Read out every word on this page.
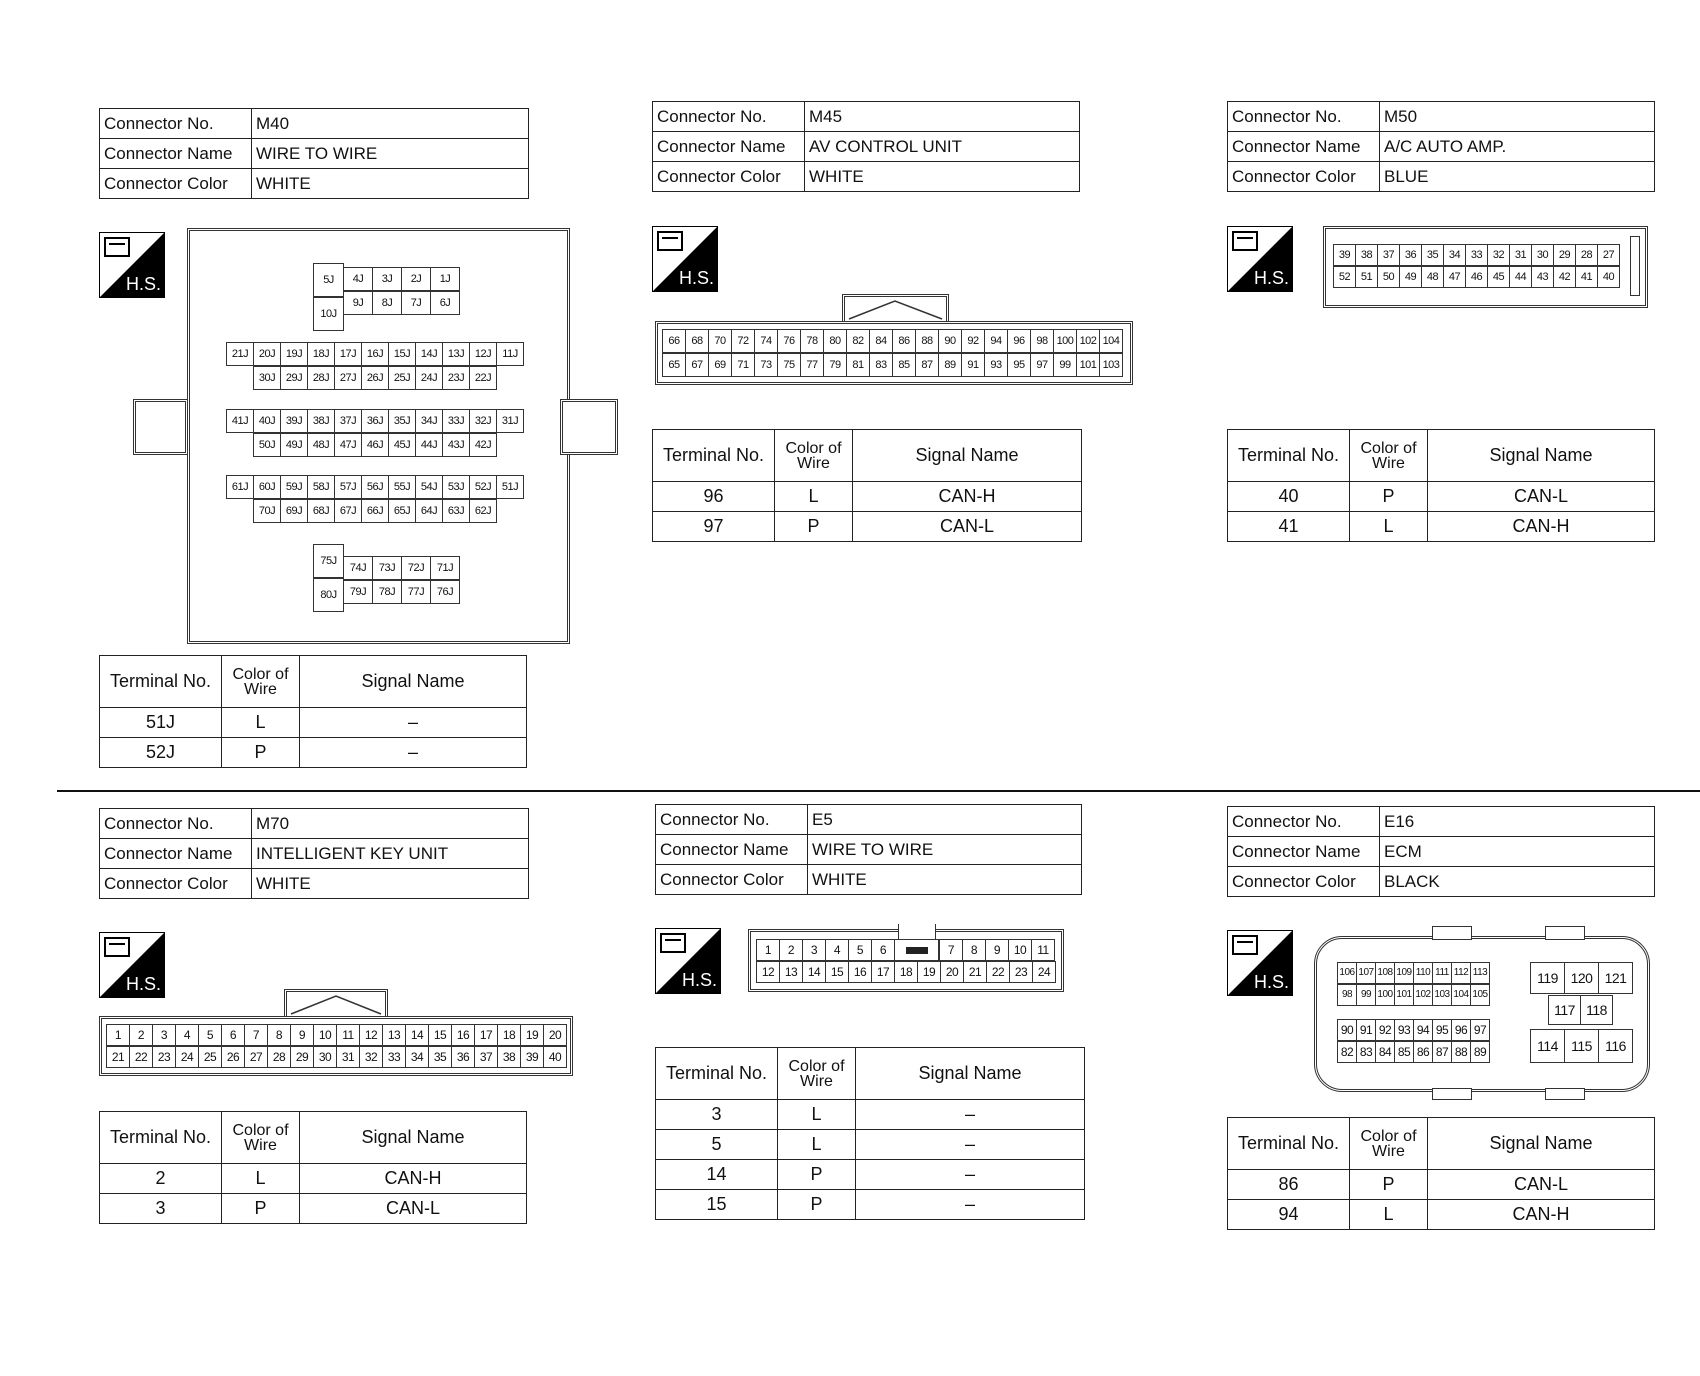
Connector No.	M40
Connector Name	WIRE TO WIRE
Connector Color	WHITE
H.S.	5J
10J
4J	3J	2J	1J
9J	8J	7J	6J
21J 20J 19J 18J 17J 16J 15J 14J 13J 12J	11J
30J 29J 28J 27J 26J 25J 24J 23J 22J
41J 40J 39J 38J 37J 36J 35J 34J 33J 32J 31J
50J 49J 48J 47J 46J 45J 44J 43J 42J
61J 60J 59J 58J 57J 56J 55J 54J 53J 52J 51J
70J 69J 68J 67J 66J 65J 64J 63J 62J
75J
80J
74J	73J	72J	71J
79J	78J	77J	76J
Terminal No.	Color of
Wire	Signal Name
51J	L	–
52J	P	–
Connector No.	M45
Connector Name	AV CONTROL UNIT
Connector Color	WHITE
H.S.
66	68	70	72	74	76	78	80	82	84	86	88	90	92	94	96	98 100 102 104
65	67	69	71	73	75	77	79	81	83	85	87	89	91	93	95	97	99 101 103
Terminal No.	Color of
Wire	Signal Name
96	L	CAN-H
97	P	CAN-L
Connector No.	M50
Connector Name	A/C AUTO AMP.
Connector Color	BLUE
H.S.
39 38 37 36 35 34 33 32 31 30 29 28 27
52 51 50 49 48 47 46 45 44 43 42 41 40
Terminal No.	Color of
Wire	Signal Name
40	P	CAN-L
41	L	CAN-H
Connector No.	M70
Connector Name	INTELLIGENT KEY UNIT
Connector Color	WHITE
H.S.
1	2	3	4	5	6	7	8	9	10 11 12 13 14 15 16 17 18 19 20
21 22 23 24 25 26 27 28 29 30 31 32 33 34 35 36 37 38 39 40
Terminal No.	Color of
Wire	Signal Name
2	L	CAN-H
3	P	CAN-L
Connector No.	E5
Connector Name	WIRE TO WIRE
Connector Color	WHITE
H.S.
1	2	3	4	5	6	7	8	9	10 11
12 13 14 15 16 17 18 19 20 21 22 23 24
Terminal No.	Color of
Wire	Signal Name
3	L	–
5	L	–
14	P	–
15	P	–
Connector No.	E16
Connector Name	ECM
Connector Color	BLACK
H.S.	106 107 108 109 110 111 112 113
98 99 100 101 102 103 104 105
90 91 92 93 94 95 96 97
82 83 84 85 86 87 88 89
119 120 121
117 118
114 115 116
Terminal No.	Color of
Wire	Signal Name
86	P	CAN-L
94	L	CAN-H
